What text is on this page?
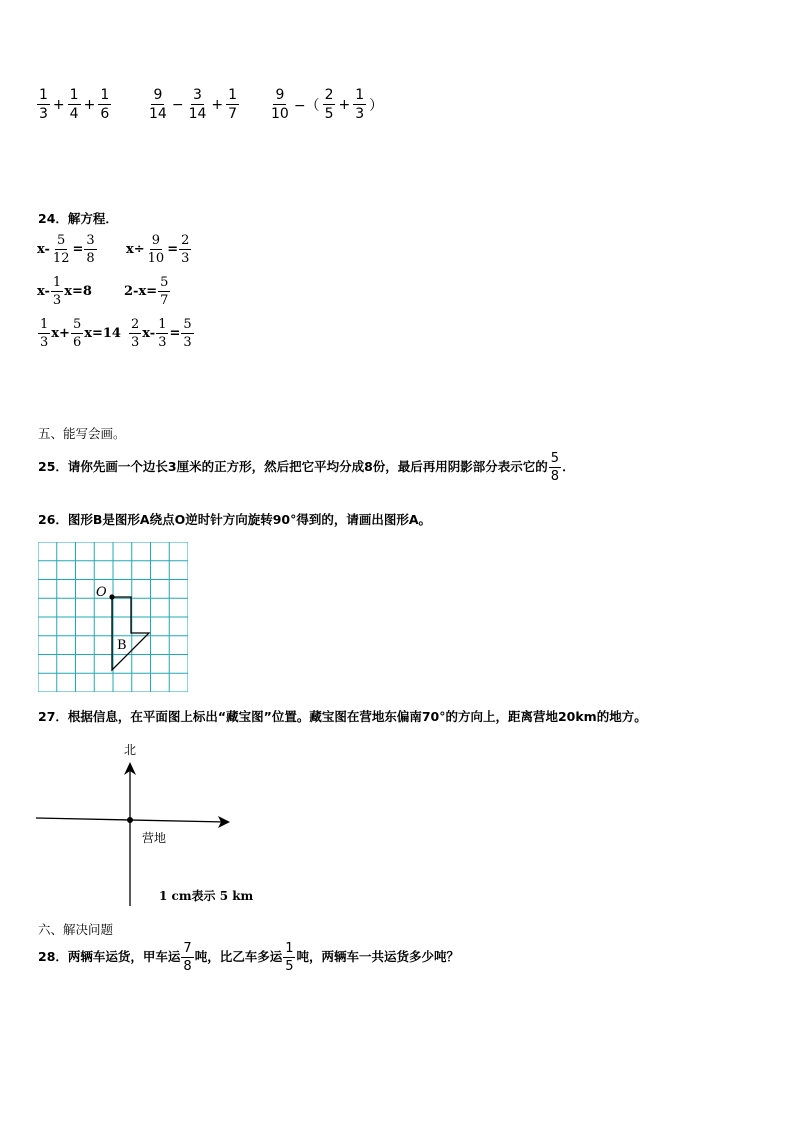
$\frac{1}{3} + \frac{1}{4} + \frac{1}{6}$	$\frac{9}{14} - \frac{3}{14} + \frac{1}{7} \frac{9}{10}$ −（ $\frac{2}{5} + \frac{1}{3}$ ）
24．解方程．
$x- \frac{5}{12} = \frac{3}{8} x\div \frac{9}{10} = \frac{2}{3}$
$x- \frac{1}{3} x=8$ $2-x= \frac{5}{7}$
$\frac{1}{3} x+ \frac{5}{6} x=14 \frac{2}{3} x- \frac{1}{3} = \frac{5}{3}$
五、能写会画。
25．请你先画一个边长3厘米的正方形，然后把它平均分成8份，最后再用阴影部分表示它的 $\frac{5}{8}$ ．
26．图形B是图形A绕点O逆时针方向旋转90°得到的，请画出图形A。
O
B
27．根据信息，在平面图上标出“藏宝图”位置。藏宝图在营地东偏南70°的方向上，距离营地20km的地方。
北
营地
1 cm表示 5 km
六、解决问题
28．两辆车运货，甲车运 $\frac{7}{8}$ 吨，比乙车多运 $\frac{1}{5}$ 吨，两辆车一共运货多少吨？
